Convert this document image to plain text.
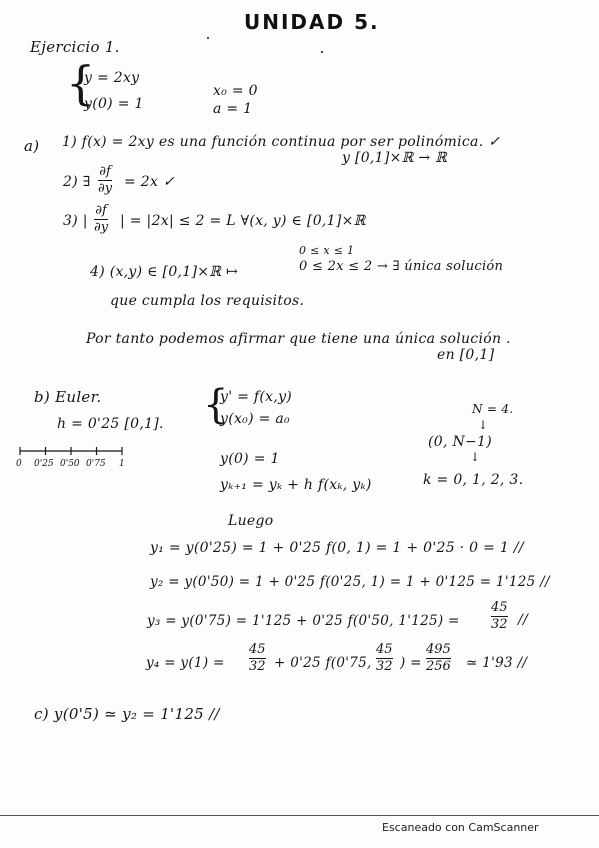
UNIDAD 5.
Ejercicio 1.
{
y = 2xy
y(0) = 1
x₀ = 0
a = 1
a) 1) f(x) = 2xy es una función continua por ser polinómica. ✓
y [0,1]×ℝ → ℝ
2) ∃
∂f
∂y = 2x ✓
3) |
∂f
∂y | = |2x| ≤ 2 = L ∀(x, y) ∈ [0,1]×ℝ
0 ≤ x ≤ 1
0 ≤ 2x ≤ 2 → ∃ única solución
4) (x,y) ∈ [0,1]×ℝ ↦
que cumpla los requisitos.
Por tanto podemos afirmar que tiene una única solución .
en [0,1]
b) Euler.
h = 0'25 [0,1]. {
y' = f(x,y)
y(x₀) = a₀
N = 4.
↓
(0, N−1)
↓
k = 0, 1, 2, 3.
0 0'25 0'50 0'75 1	y(0) = 1
yₖ₊₁ = yₖ + h f(xₖ, yₖ)
Luego
y₁ = y(0'25) = 1 + 0'25 f(0, 1) = 1 + 0'25 · 0 = 1 //
y₂ = y(0'50) = 1 + 0'25 f(0'25, 1) = 1 + 0'125 = 1'125 //
y₃ = y(0'75) = 1'125 + 0'25 f(0'50, 1'125) =
45
32 //
y₄ = y(1) =
45
32 + 0'25 f(0'75,
45
32 ) =
495
256 ≃ 1'93 //
c) y(0'5) ≃ y₂ = 1'125 //
Escaneado con CamScanner
